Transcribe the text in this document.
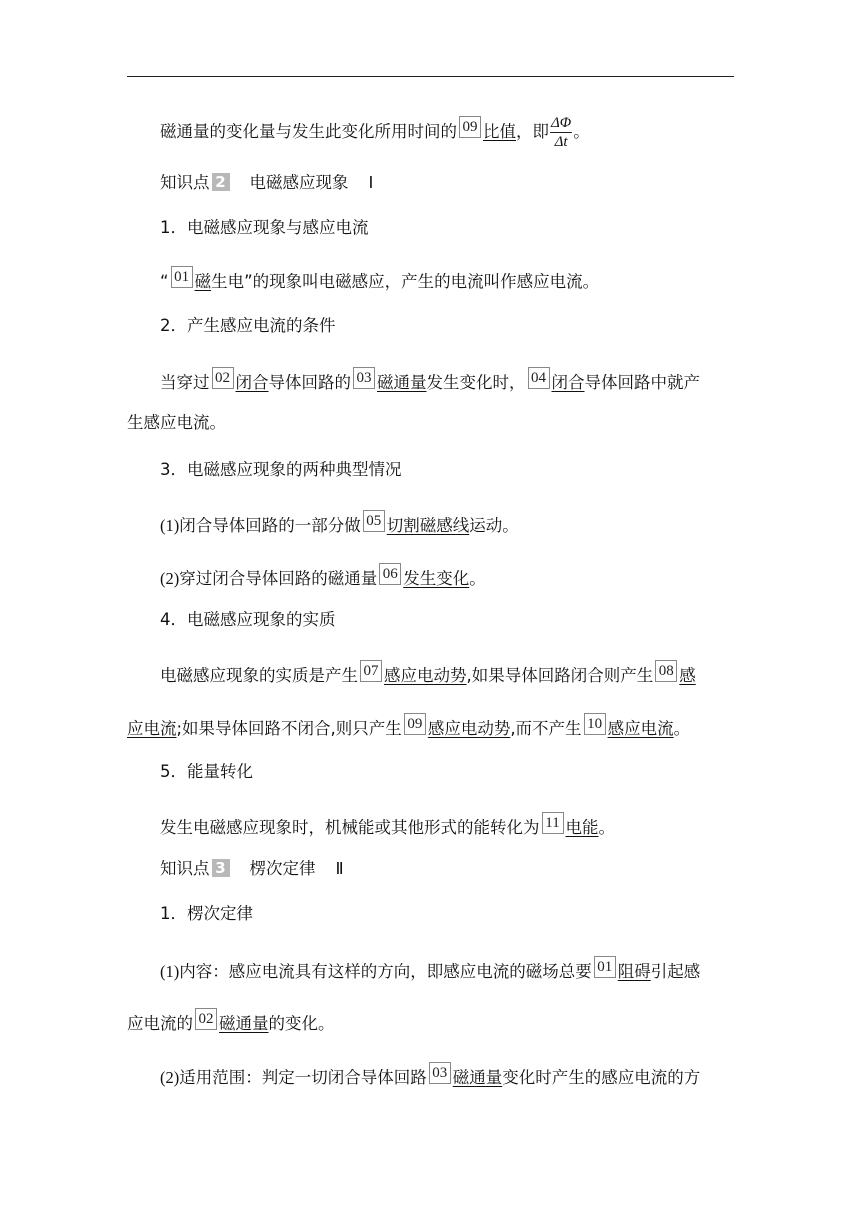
磁通量的变化量与发生此变化所用时间的 09 比值，即 $\frac{\Delta\Phi}{\Delta t}$ 。
知识点 2 电磁感应现象 Ⅰ
1．电磁感应现象与感应电流
“ 01 磁生电”的现象叫电磁感应，产生的电流叫作感应电流。
2．产生感应电流的条件
当穿过 02 闭合导体回路的 03 磁通量发生变化时， 04 闭合导体回路中就产
生感应电流。
3．电磁感应现象的两种典型情况
(1)闭合导体回路的一部分做 05 切割磁感线运动。
(2)穿过闭合导体回路的磁通量 06 发生变化。
4．电磁感应现象的实质
电磁感应现象的实质是产生 07 感应电动势,如果导体回路闭合则产生 08 感
应电流;如果导体回路不闭合,则只产生 09 感应电动势,而不产生 10 感应电流。
5．能量转化
发生电磁感应现象时，机械能或其他形式的能转化为 11 电能。
知识点 3 楞次定律 Ⅱ
1．楞次定律
(1)内容：感应电流具有这样的方向，即感应电流的磁场总要 01 阻碍引起感
应电流的 02 磁通量的变化。
(2)适用范围：判定一切闭合导体回路 03 磁通量变化时产生的感应电流的方
